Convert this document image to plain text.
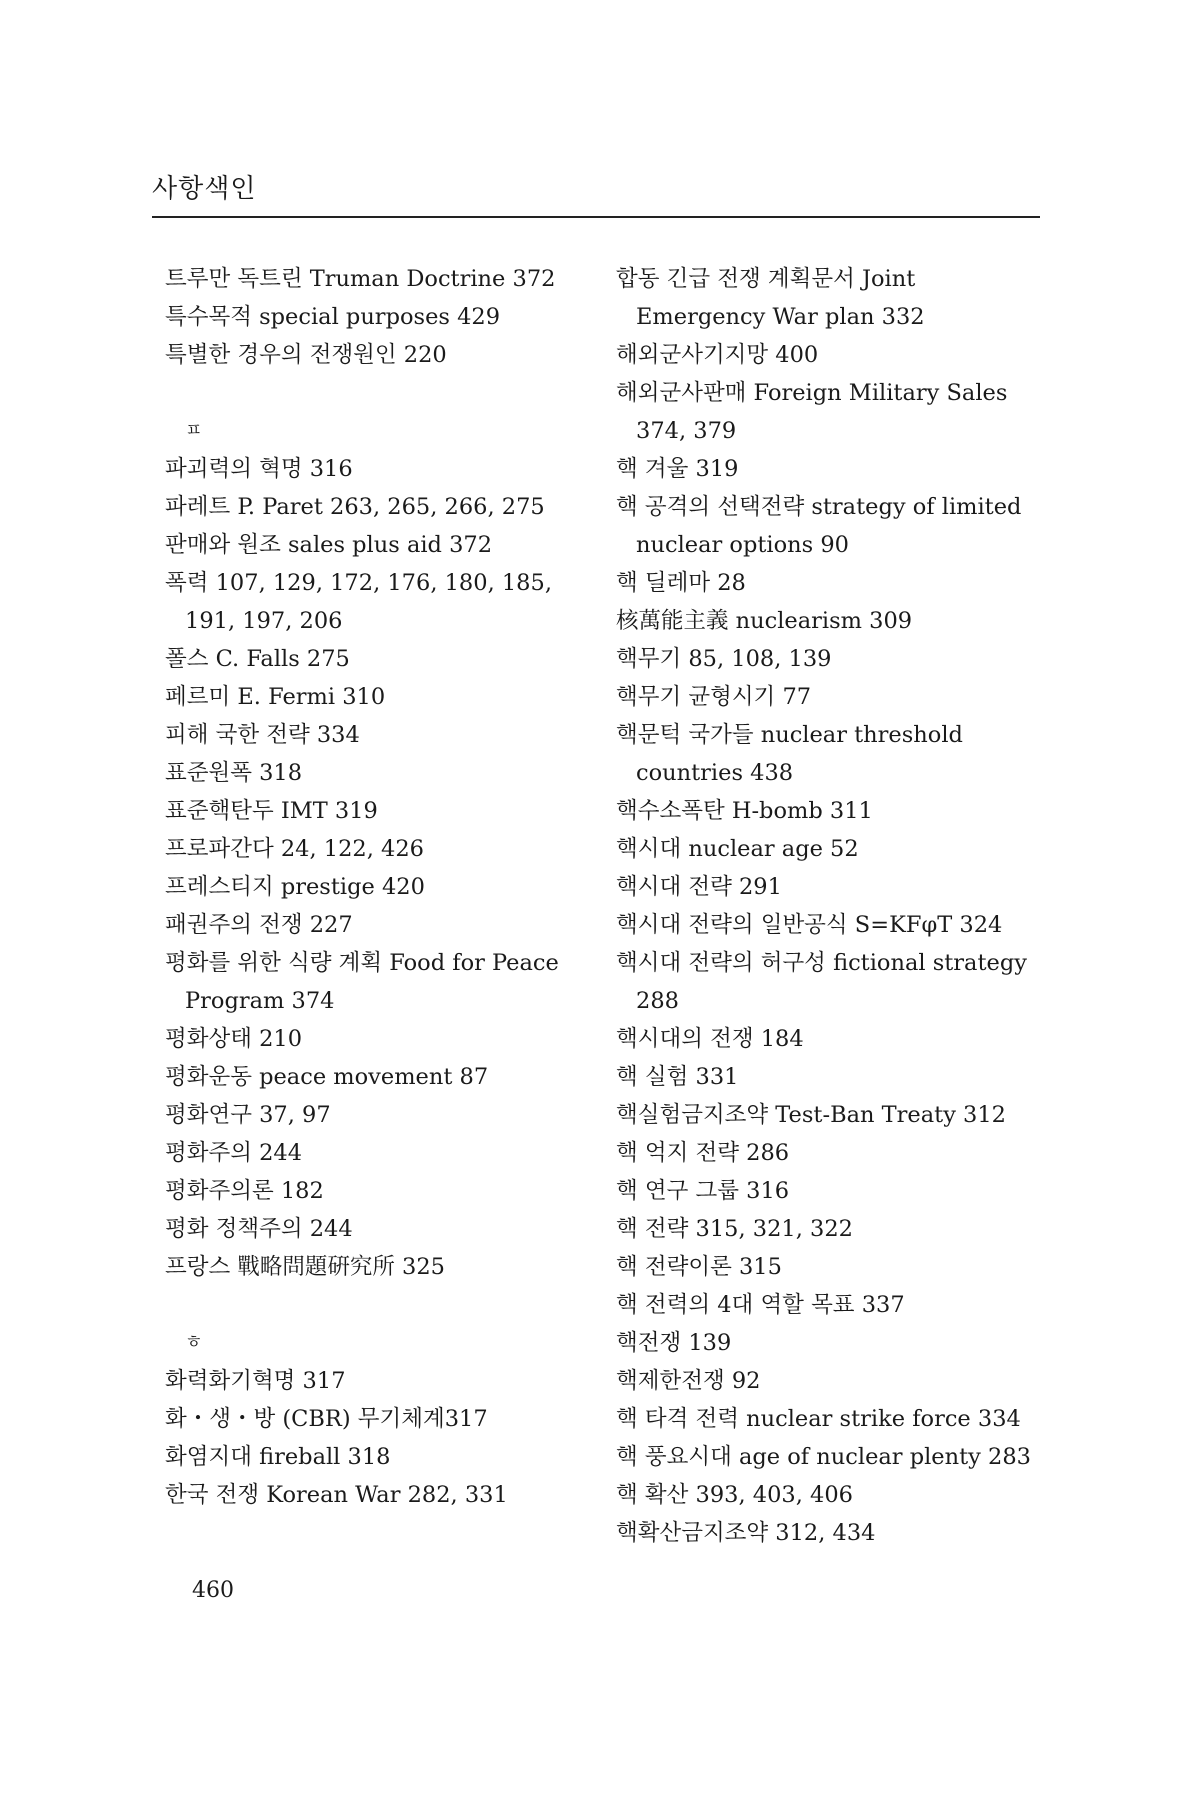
사항색인
트루만 독트린 Truman Doctrine 372
특수목적 special purposes 429
특별한 경우의 전쟁원인 220
ㅍ
파괴력의 혁명 316
파레트 P. Paret 263, 265, 266, 275
판매와 원조 sales plus aid 372
폭력 107, 129, 172, 176, 180, 185, 191, 197, 206
폴스 C. Falls 275
페르미 E. Fermi 310
피해 국한 전략 334
표준원폭 318
표준핵탄두 IMT 319
프로파간다 24, 122, 426
프레스티지 prestige 420
패권주의 전쟁 227
평화를 위한 식량 계획 Food for Peace Program 374
평화상태 210
평화운동 peace movement 87
평화연구 37, 97
평화주의 244
평화주의론 182
평화 정책주의 244
프랑스 戰略問題硏究所 325
ㅎ
화력화기혁명 317
화・생・방 (CBR) 무기체계317
화염지대 fireball 318
한국 전쟁 Korean War 282, 331
합동 긴급 전쟁 계획문서 Joint Emergency War plan 332
해외군사기지망 400
해외군사판매 Foreign Military Sales 374, 379
핵 겨울 319
핵 공격의 선택전략 strategy of limited nuclear options 90
핵 딜레마 28
核萬能主義 nuclearism 309
핵무기 85, 108, 139
핵무기 균형시기 77
핵문턱 국가들 nuclear threshold countries 438
핵수소폭탄 H-bomb 311
핵시대 nuclear age 52
핵시대 전략 291
핵시대 전략의 일반공식 S=KFφT 324
핵시대 전략의 허구성 fictional strategy 288
핵시대의 전쟁 184
핵 실험 331
핵실험금지조약 Test-Ban Treaty 312
핵 억지 전략 286
핵 연구 그룹 316
핵 전략 315, 321, 322
핵 전략이론 315
핵 전력의 4대 역할 목표 337
핵전쟁 139
핵제한전쟁 92
핵 타격 전력 nuclear strike force 334
핵 풍요시대 age of nuclear plenty 283
핵 확산 393, 403, 406
핵확산금지조약 312, 434
460
